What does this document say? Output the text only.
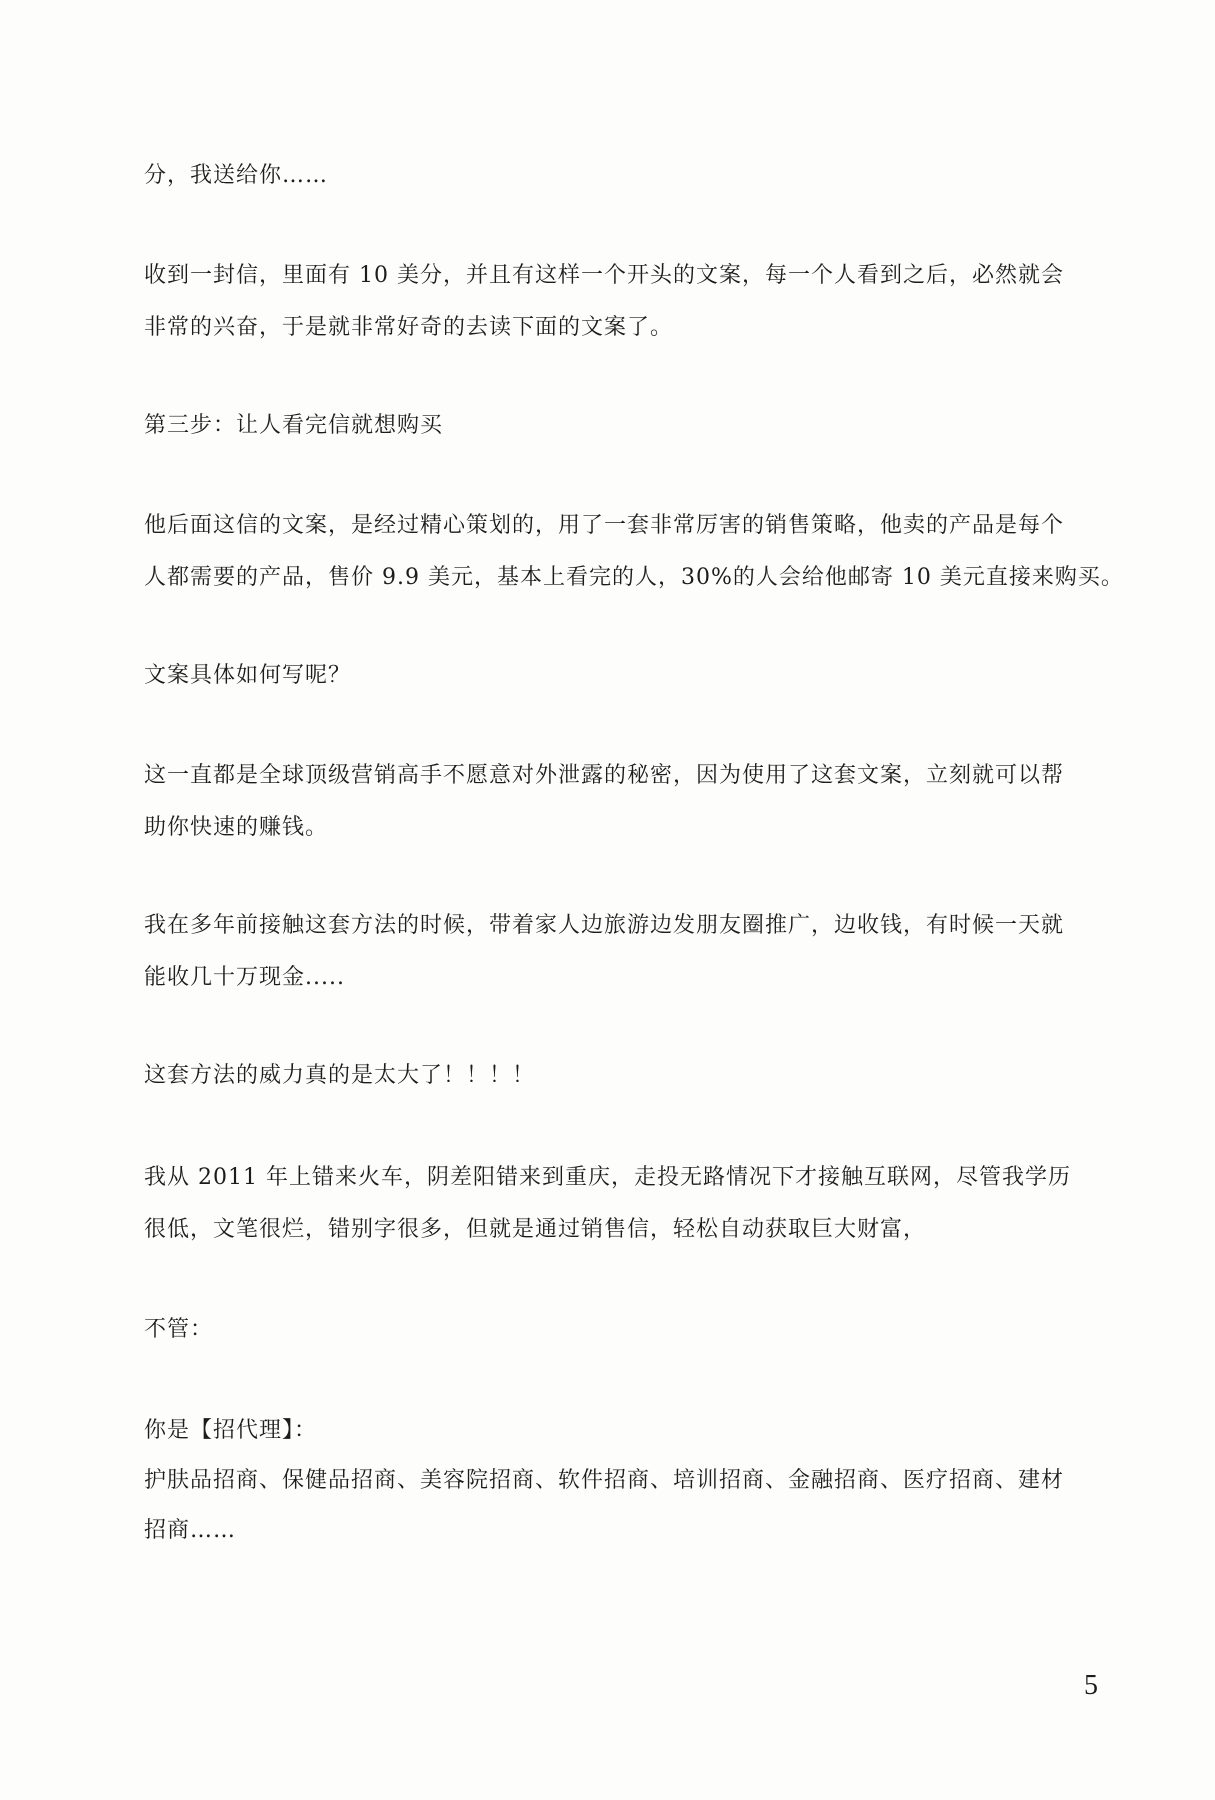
分，我送给你……

收到一封信，里面有 10 美分，并且有这样一个开头的文案，每一个人看到之后，必然就会
非常的兴奋，于是就非常好奇的去读下面的文案了。

第三步：让人看完信就想购买

他后面这信的文案，是经过精心策划的，用了一套非常厉害的销售策略，他卖的产品是每个
人都需要的产品，售价 9.9 美元，基本上看完的人，30%的人会给他邮寄 10 美元直接来购买。

文案具体如何写呢？

这一直都是全球顶级营销高手不愿意对外泄露的秘密，因为使用了这套文案，立刻就可以帮
助你快速的赚钱。

我在多年前接触这套方法的时候，带着家人边旅游边发朋友圈推广，边收钱，有时候一天就
能收几十万现金.....

这套方法的威力真的是太大了！！！！

我从 2011 年上错来火车，阴差阳错来到重庆，走投无路情况下才接触互联网，尽管我学历
很低，文笔很烂，错别字很多，但就是通过销售信，轻松自动获取巨大财富，

不管：

你是【招代理】：
护肤品招商、保健品招商、美容院招商、软件招商、培训招商、金融招商、医疗招商、建材
招商……

5
